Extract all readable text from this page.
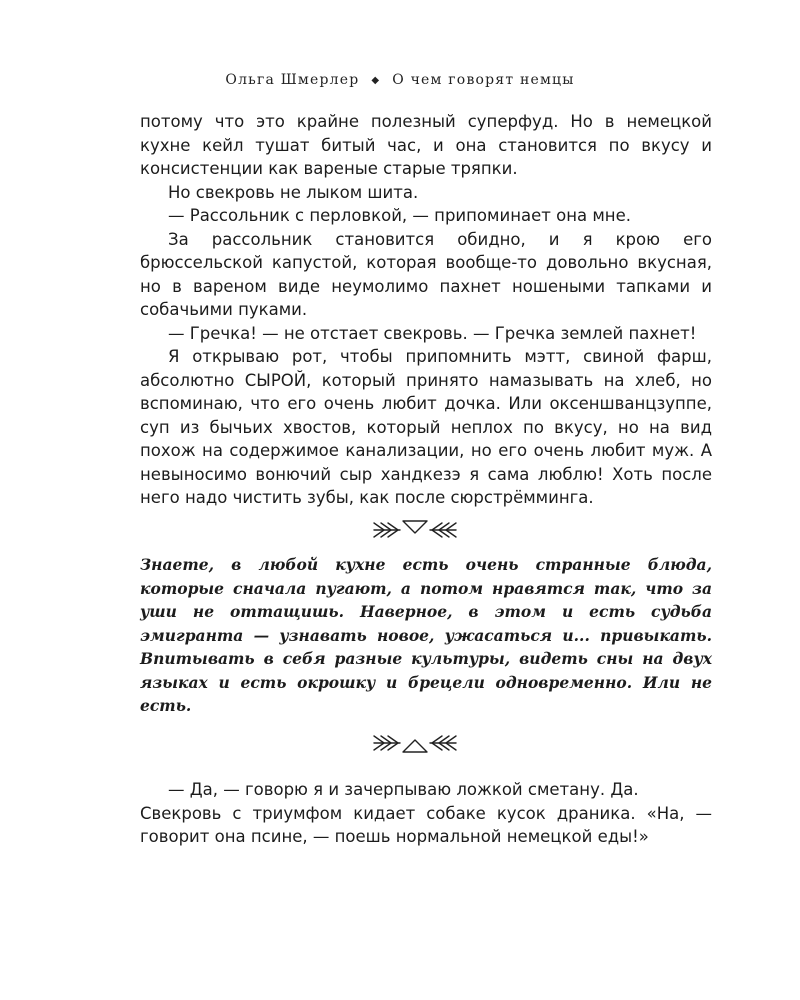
Ольга Шмерлер ◆ О чем говорят немцы

потому что это крайне полезный суперфуд. Но в немецкой кухне кейл тушат битый час, и она становится по вкусу и консистенции как вареные старые тряпки.

Но свекровь не лыком шита.

— Рассольник с перловкой, — припоминает она мне.

За рассольник становится обидно, и я крою его брюссельской капустой, которая вообще-то довольно вкусная, но в вареном виде неумолимо пахнет ношеными тапками и собачьими пуками.

— Гречка! — не отстает свекровь. — Гречка землей пахнет!

Я открываю рот, чтобы припомнить мэтт, свиной фарш, абсолютно СЫРОЙ, который принято намазывать на хлеб, но вспоминаю, что его очень любит дочка. Или оксеншванцзуппе, суп из бычьих хвостов, который неплох по вкусу, но на вид похож на содержимое канализации, но его очень любит муж. А невыносимо вонючий сыр хандкезэ я сама люблю! Хоть после него надо чистить зубы, как после сюрстрёмминга.

Знаете, в любой кухне есть очень странные блюда, которые сначала пугают, а потом нравятся так, что за уши не оттащишь. Наверное, в этом и есть судьба эмигранта — узнавать новое, ужасаться и... привыкать. Впитывать в себя разные культуры, видеть сны на двух языках и есть окрошку и брецели одновременно. Или не есть.

— Да, — говорю я и зачерпываю ложкой сметану. Да.

Свекровь с триумфом кидает собаке кусок драника. «На, — говорит она псине, — поешь нормальной немецкой еды!»
